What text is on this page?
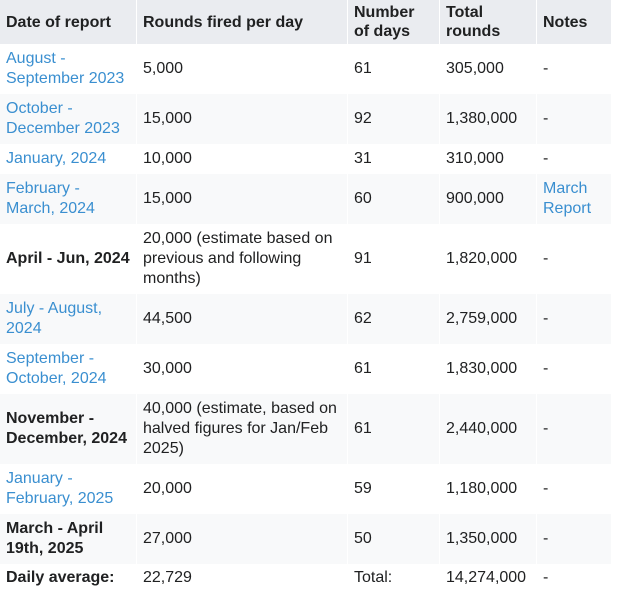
Date of report	Rounds fired per day	Number of days	Total rounds	Notes
August - September 2023	5,000	61	305,000	-
October - December 2023	15,000	92	1,380,000	-
January, 2024	10,000	31	310,000	-
February - March, 2024	15,000	60	900,000	March Report
April - Jun, 2024	20,000 (estimate based on previous and following months)	91	1,820,000	-
July - August, 2024	44,500	62	2,759,000	-
September - October, 2024	30,000	61	1,830,000	-
November - December, 2024	40,000 (estimate, based on halved figures for Jan/Feb 2025)	61	2,440,000	-
January - February, 2025	20,000	59	1,180,000	-
March - April 19th, 2025	27,000	50	1,350,000	-
Daily average:	22,729	Total:	14,274,000	-
